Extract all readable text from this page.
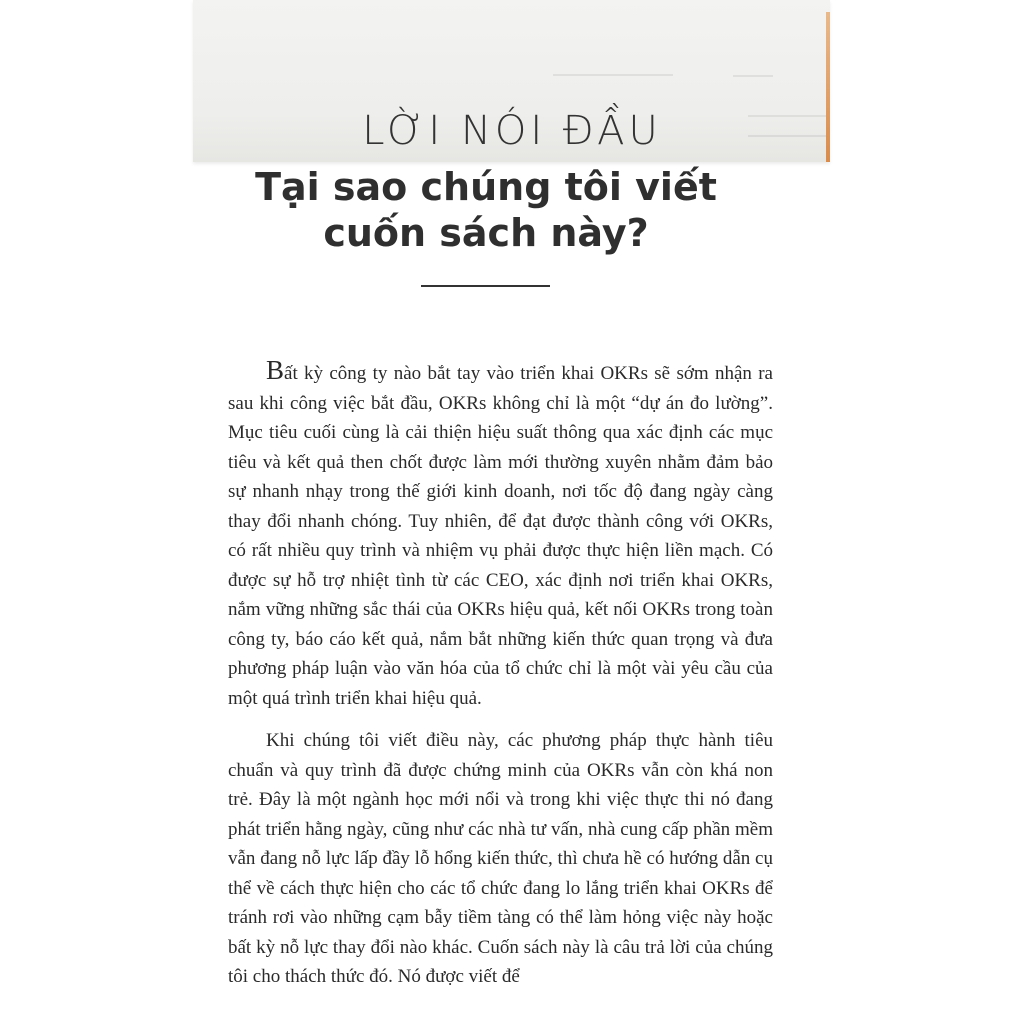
LỜI NÓI ĐẦU
Tại sao chúng tôi viết
cuốn sách này?

Bất kỳ công ty nào bắt tay vào triển khai OKRs sẽ sớm nhận ra sau khi công việc bắt đầu, OKRs không chỉ là một “dự án đo lường”. Mục tiêu cuối cùng là cải thiện hiệu suất thông qua xác định các mục tiêu và kết quả then chốt được làm mới thường xuyên nhằm đảm bảo sự nhanh nhạy trong thế giới kinh doanh, nơi tốc độ đang ngày càng thay đổi nhanh chóng. Tuy nhiên, để đạt được thành công với OKRs, có rất nhiều quy trình và nhiệm vụ phải được thực hiện liền mạch. Có được sự hỗ trợ nhiệt tình từ các CEO, xác định nơi triển khai OKRs, nắm vững những sắc thái của OKRs hiệu quả, kết nối OKRs trong toàn công ty, báo cáo kết quả, nắm bắt những kiến thức quan trọng và đưa phương pháp luận vào văn hóa của tổ chức chỉ là một vài yêu cầu của một quá trình triển khai hiệu quả.

Khi chúng tôi viết điều này, các phương pháp thực hành tiêu chuẩn và quy trình đã được chứng minh của OKRs vẫn còn khá non trẻ. Đây là một ngành học mới nổi và trong khi việc thực thi nó đang phát triển hằng ngày, cũng như các nhà tư vấn, nhà cung cấp phần mềm vẫn đang nỗ lực lấp đầy lỗ hổng kiến thức, thì chưa hề có hướng dẫn cụ thể về cách thực hiện cho các tổ chức đang lo lắng triển khai OKRs để tránh rơi vào những cạm bẫy tiềm tàng có thể làm hỏng việc này hoặc bất kỳ nỗ lực thay đổi nào khác. Cuốn sách này là câu trả lời của chúng tôi cho thách thức đó. Nó được viết để
